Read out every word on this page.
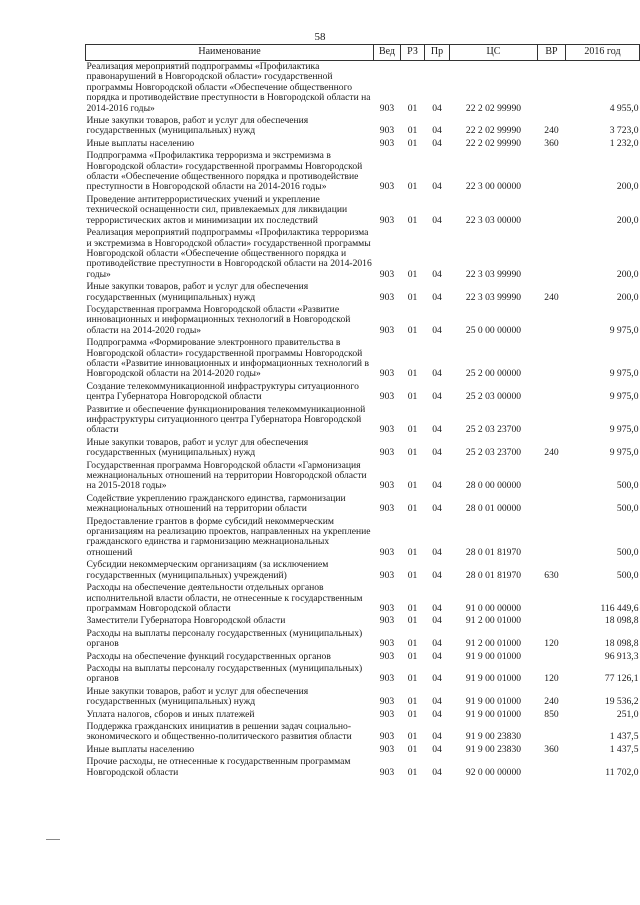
58
Наименование	Вед	РЗ	Пр	ЦС	ВР	2016 год
Реализация мероприятий подпрограммы «Профилактика правонарушений в Новгородской области» государственной программы Новгородской области «Обеспечение общественного порядка и противодействие преступности в Новгородской области на 2014-2016 годы»	903	01	04	22 2 02 99990		4 955,0
Иные закупки товаров, работ и услуг для обеспечения государственных (муниципальных) нужд	903	01	04	22 2 02 99990	240	3 723,0
Иные выплаты населению	903	01	04	22 2 02 99990	360	1 232,0
Подпрограмма «Профилактика терроризма и экстремизма в Новгородской области» государственной программы Новгородской области «Обеспечение общественного порядка и противодействие преступности в Новгородской области на 2014-2016 годы»	903	01	04	22 3 00 00000		200,0
Проведение антитеррористических учений и укрепление технической оснащенности сил, привлекаемых для ликвидации террористических актов и минимизации их последствий	903	01	04	22 3 03 00000		200,0
Реализация мероприятий подпрограммы «Профилактика терроризма и экстремизма в Новгородской области» государственной программы Новгородской области «Обеспечение общественного порядка и противодействие преступности в Новгородской области на 2014-2016 годы»	903	01	04	22 3 03 99990		200,0
Иные закупки товаров, работ и услуг для обеспечения государственных (муниципальных) нужд	903	01	04	22 3 03 99990	240	200,0
Государственная программа Новгородской области «Развитие инновационных и информационных технологий в Новгородской области на 2014-2020 годы»	903	01	04	25 0 00 00000		9 975,0
Подпрограмма «Формирование электронного правительства в Новгородской области» государственной программы Новгородской области «Развитие инновационных и информационных технологий в Новгородской области на 2014-2020 годы»	903	01	04	25 2 00 00000		9 975,0
Создание телекоммуникационной инфраструктуры ситуационного центра Губернатора Новгородской области	903	01	04	25 2 03 00000		9 975,0
Развитие и обеспечение функционирования телекоммуникационной инфраструктуры ситуационного центра Губернатора Новгородской области	903	01	04	25 2 03 23700		9 975,0
Иные закупки товаров, работ и услуг для обеспечения государственных (муниципальных) нужд	903	01	04	25 2 03 23700	240	9 975,0
Государственная программа Новгородской области «Гармонизация межнациональных отношений на территории Новгородской области на 2015-2018 годы»	903	01	04	28 0 00 00000		500,0
Содействие укреплению гражданского единства, гармонизации межнациональных отношений на территории области	903	01	04	28 0 01 00000		500,0
Предоставление грантов в форме субсидий некоммерческим организациям на реализацию проектов, направленных на укрепление гражданского единства и гармонизацию межнациональных отношений	903	01	04	28 0 01 81970		500,0
Субсидии некоммерческим организациям (за исключением государственных (муниципальных) учреждений)	903	01	04	28 0 01 81970	630	500,0
Расходы на обеспечение деятельности отдельных органов исполнительной власти области, не отнесенные к государственным программам Новгородской области	903	01	04	91 0 00 00000		116 449,6
Заместители Губернатора Новгородской области	903	01	04	91 2 00 01000		18 098,8
Расходы на выплаты персоналу государственных (муниципальных) органов	903	01	04	91 2 00 01000	120	18 098,8
Расходы на обеспечение функций государственных органов	903	01	04	91 9 00 01000		96 913,3
Расходы на выплаты персоналу государственных (муниципальных) органов	903	01	04	91 9 00 01000	120	77 126,1
Иные закупки товаров, работ и услуг для обеспечения государственных (муниципальных) нужд	903	01	04	91 9 00 01000	240	19 536,2
Уплата налогов, сборов и иных платежей	903	01	04	91 9 00 01000	850	251,0
Поддержка гражданских инициатив в решении задач социально-экономического и общественно-политического развития области	903	01	04	91 9 00 23830		1 437,5
Иные выплаты населению	903	01	04	91 9 00 23830	360	1 437,5
Прочие расходы, не отнесенные к государственным программам Новгородской области	903	01	04	92 0 00 00000		11 702,0
